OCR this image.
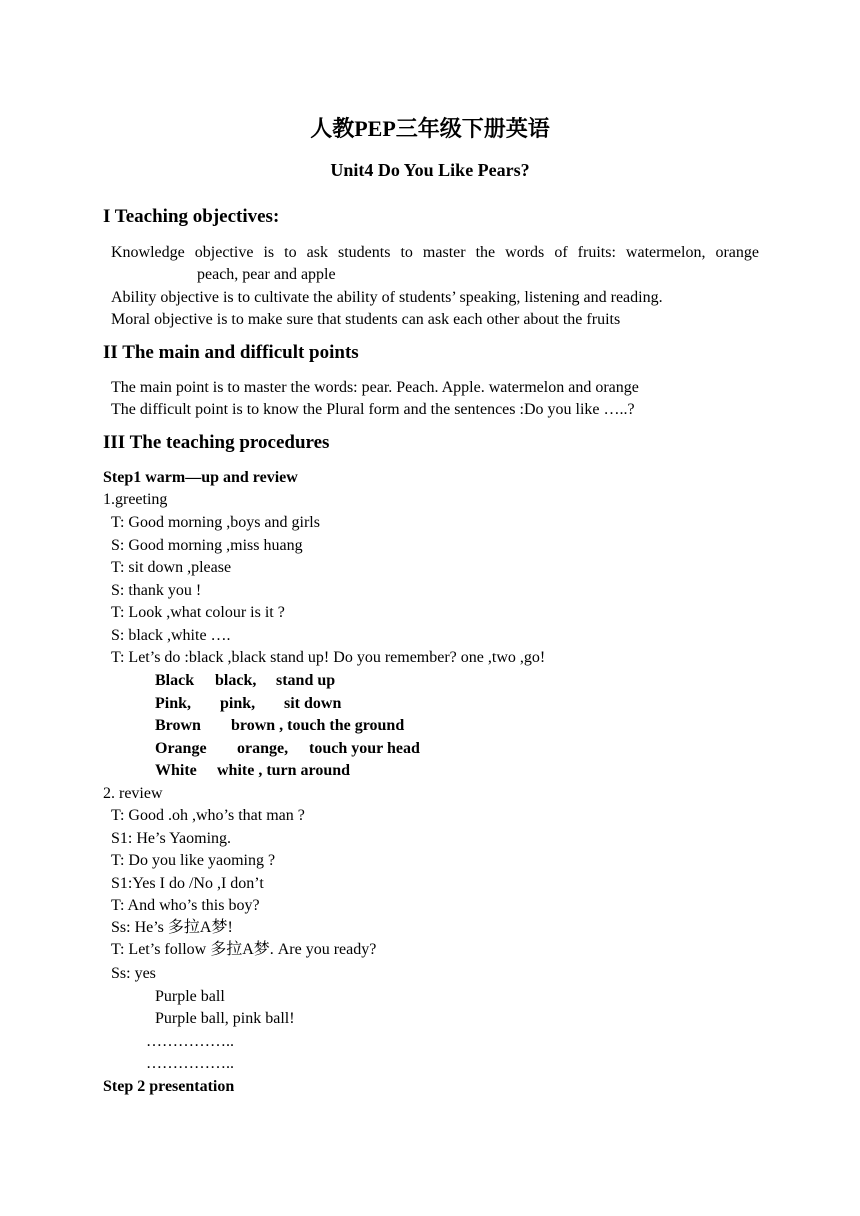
人教PEP三年级下册英语
Unit4 Do You Like Pears?
I Teaching objectives:
Knowledge objective is to ask students to master the words of fruits: watermelon, orange
peach, pear and apple
Ability objective is to cultivate the ability of students’ speaking, listening and reading.
Moral objective is to make sure that students can ask each other about the fruits
II The main and difficult points
The main point is to master the words: pear. Peach. Apple. watermelon and orange
The difficult point is to know the Plural form and the sentences :Do you like …..?
III The teaching procedures
Step1 warm—up and review
1.greeting
T: Good morning ,boys and girls
S: Good morning ,miss huang
T: sit down ,please
S: thank you !
T: Look ,what colour is it ?
S: black ,white ….
T: Let’s do :black ,black stand up! Do you remember? one ,two ,go!
Black black, stand up
Pink, pink, sit down
Brown brown , touch the ground
Orange orange, touch your head
White white , turn around
2. review
T: Good .oh ,who’s that man ?
S1: He’s Yaoming.
T: Do you like yaoming ?
S1:Yes I do /No ,I don’t
T: And who’s this boy?
Ss: He’s 多拉A梦!
T: Let’s follow 多拉A梦. Are you ready?
Ss: yes
Purple ball
Purple ball, pink ball!
……………..
……………..
Step 2 presentation
